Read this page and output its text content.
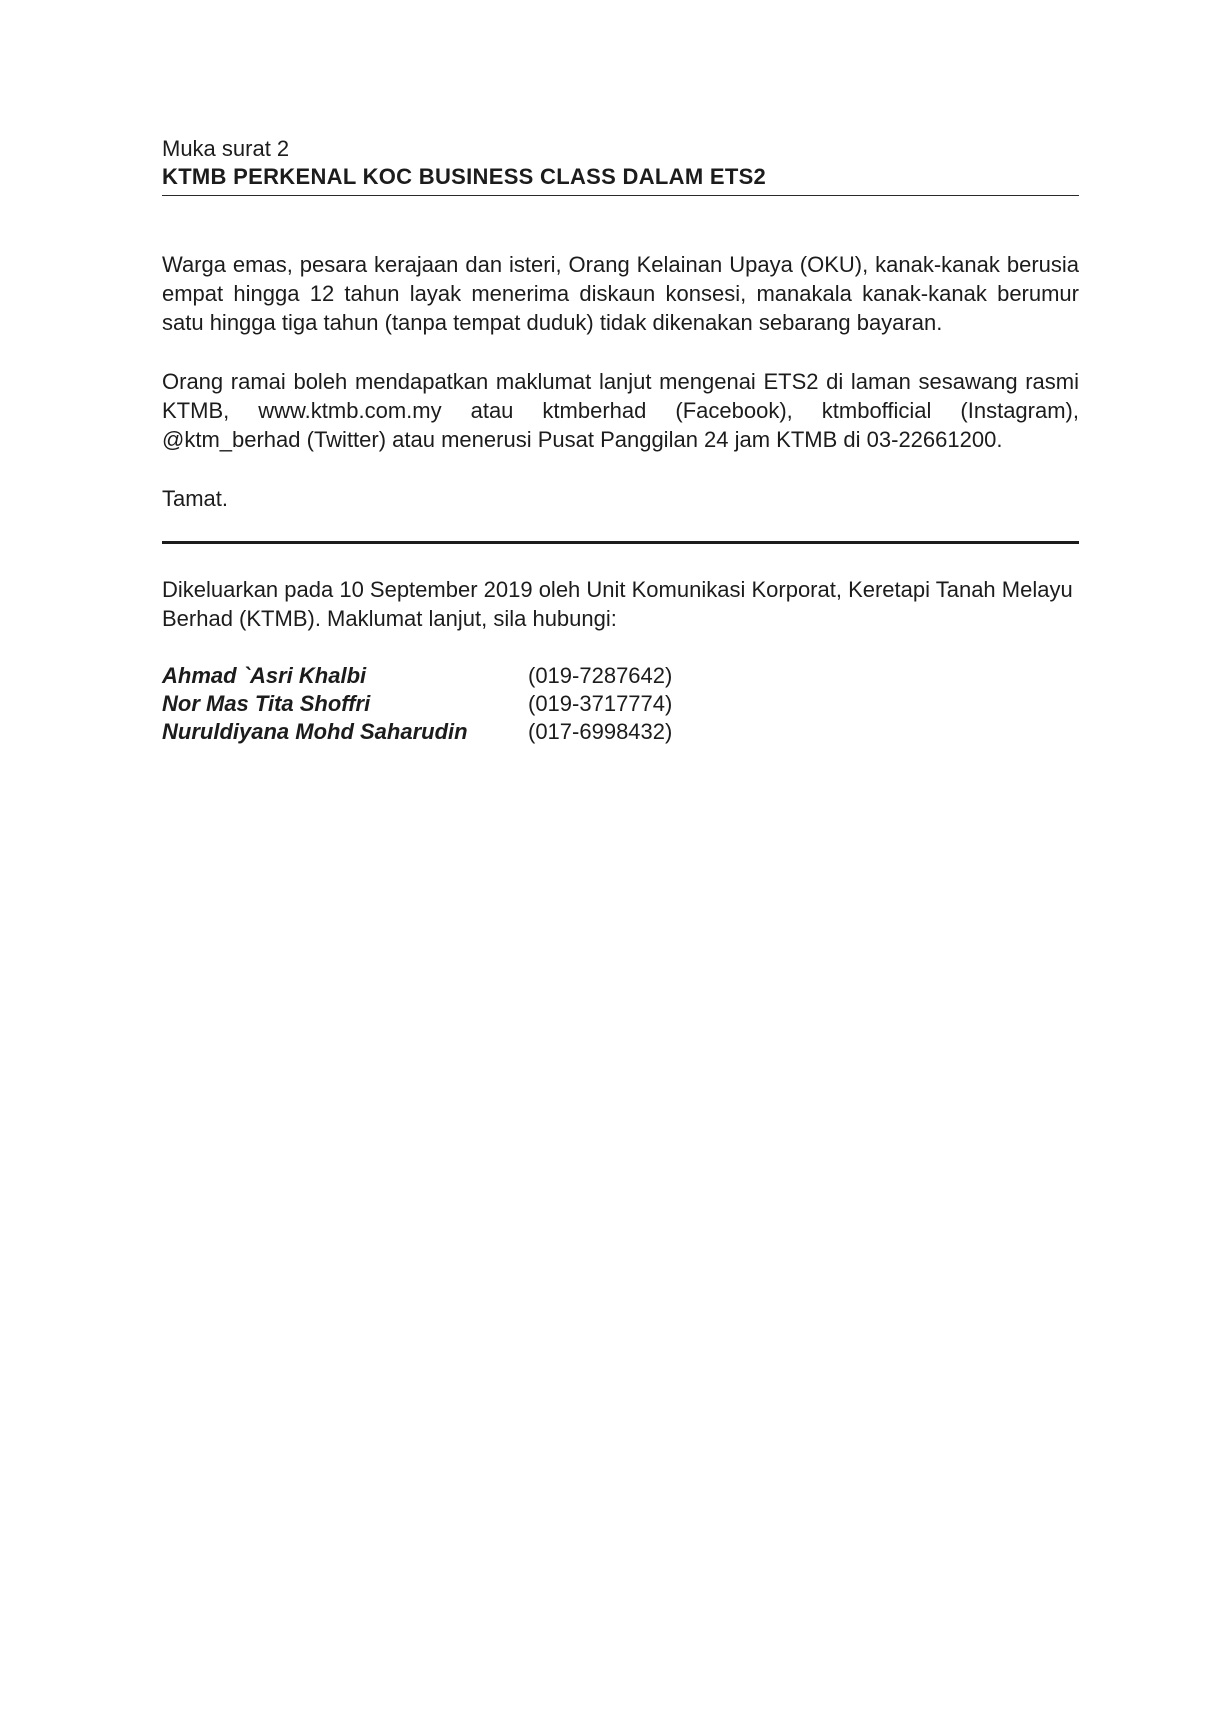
Muka surat 2

KTMB PERKENAL KOC BUSINESS CLASS DALAM ETS2

Warga emas, pesara kerajaan dan isteri, Orang Kelainan Upaya (OKU), kanak-kanak berusia empat hingga 12 tahun layak menerima diskaun konsesi, manakala kanak-kanak berumur satu hingga tiga tahun (tanpa tempat duduk) tidak dikenakan sebarang bayaran.

Orang ramai boleh mendapatkan maklumat lanjut mengenai ETS2 di laman sesawang rasmi KTMB, www.ktmb.com.my atau ktmberhad (Facebook), ktmbofficial (Instagram), @ktm_berhad (Twitter) atau menerusi Pusat Panggilan 24 jam KTMB di 03-22661200.

Tamat.

Dikeluarkan pada 10 September 2019 oleh Unit Komunikasi Korporat, Keretapi Tanah Melayu Berhad (KTMB). Maklumat lanjut, sila hubungi:

Ahmad `Asri Khalbi	(019-7287642)
Nor Mas Tita Shoffri	(019-3717774)
Nuruldiyana Mohd Saharudin	(017-6998432)
